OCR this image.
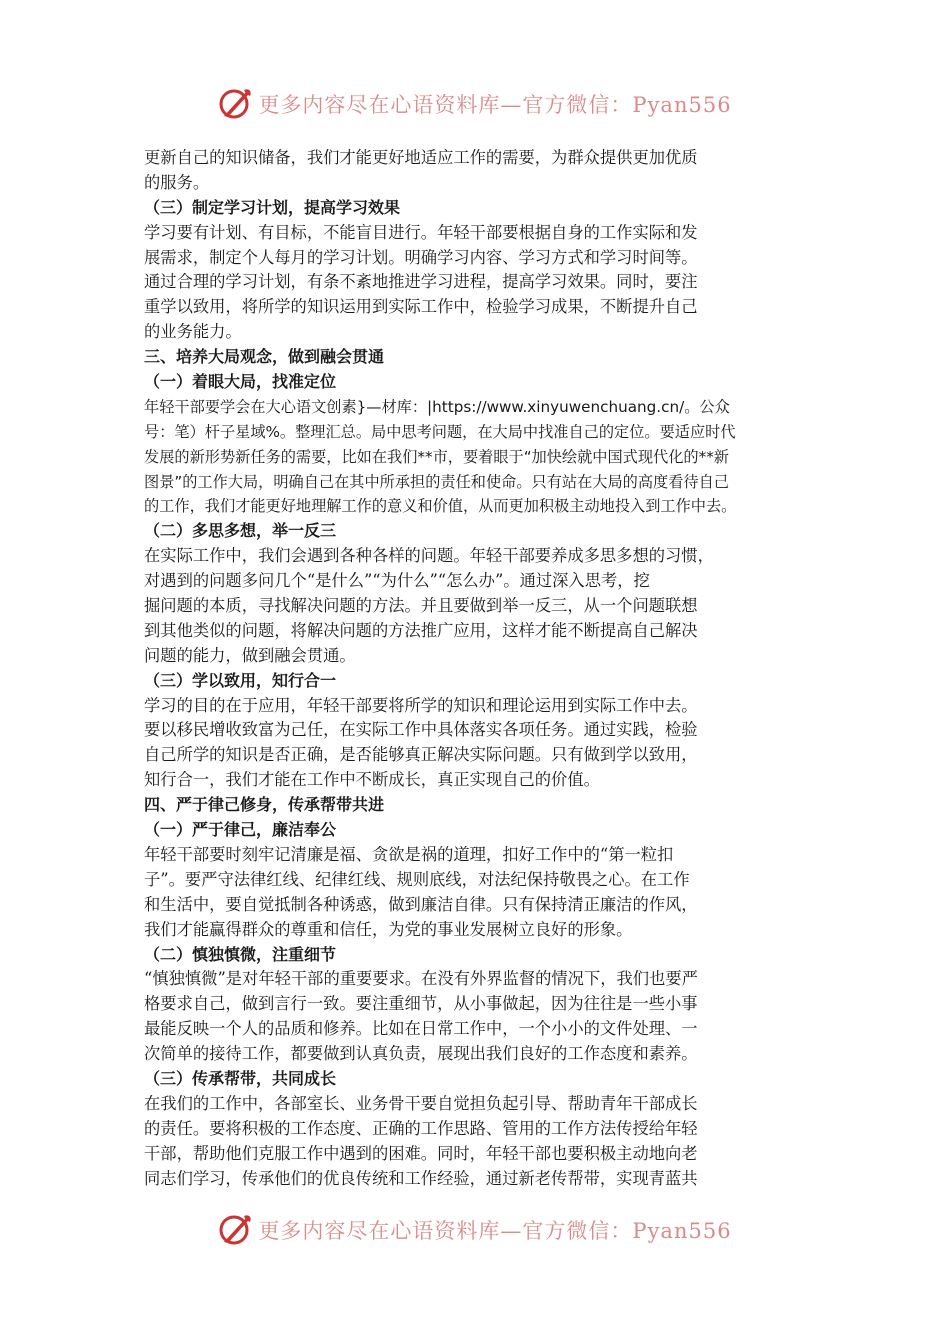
更多内容尽在心语资料库—官方微信：Pyan556
更新自己的知识储备，我们才能更好地适应工作的需要，为群众提供更加优质
的服务。
（三）制定学习计划，提高学习效果
学习要有计划、有目标，不能盲目进行。年轻干部要根据自身的工作实际和发
展需求，制定个人每月的学习计划。明确学习内容、学习方式和学习时间等。
通过合理的学习计划，有条不紊地推进学习进程，提高学习效果。同时，要注
重学以致用，将所学的知识运用到实际工作中，检验学习成果，不断提升自己
的业务能力。
三、培养大局观念，做到融会贯通
（一）着眼大局，找准定位
年轻干部要学会在大心语文创素}—材库：|https://www.xinyuwenchuang.cn/。公众
号：笔）杆子星域%。整理汇总。局中思考问题，在大局中找准自己的定位。要适应时代
发展的新形势新任务的需要，比如在我们**市，要着眼于“加快绘就中国式现代化的**新
图景”的工作大局，明确自己在其中所承担的责任和使命。只有站在大局的高度看待自己
的工作，我们才能更好地理解工作的意义和价值，从而更加积极主动地投入到工作中去。
（二）多思多想，举一反三
在实际工作中，我们会遇到各种各样的问题。年轻干部要养成多思多想的习惯，
对遇到的问题多问几个“是什么”“为什么”“怎么办”。通过深入思考，挖
掘问题的本质，寻找解决问题的方法。并且要做到举一反三，从一个问题联想
到其他类似的问题，将解决问题的方法推广应用，这样才能不断提高自己解决
问题的能力，做到融会贯通。
（三）学以致用，知行合一
学习的目的在于应用，年轻干部要将所学的知识和理论运用到实际工作中去。
要以移民增收致富为己任，在实际工作中具体落实各项任务。通过实践，检验
自己所学的知识是否正确，是否能够真正解决实际问题。只有做到学以致用，
知行合一，我们才能在工作中不断成长，真正实现自己的价值。
四、严于律己修身，传承帮带共进
（一）严于律己，廉洁奉公
年轻干部要时刻牢记清廉是福、贪欲是祸的道理，扣好工作中的“第一粒扣
子”。要严守法律红线、纪律红线、规则底线，对法纪保持敬畏之心。在工作
和生活中，要自觉抵制各种诱惑，做到廉洁自律。只有保持清正廉洁的作风，
我们才能赢得群众的尊重和信任，为党的事业发展树立良好的形象。
（二）慎独慎微，注重细节
“慎独慎微”是对年轻干部的重要要求。在没有外界监督的情况下，我们也要严
格要求自己，做到言行一致。要注重细节，从小事做起，因为往往是一些小事
最能反映一个人的品质和修养。比如在日常工作中，一个小小的文件处理、一
次简单的接待工作，都要做到认真负责，展现出我们良好的工作态度和素养。
（三）传承帮带，共同成长
在我们的工作中，各部室长、业务骨干要自觉担负起引导、帮助青年干部成长
的责任。要将积极的工作态度、正确的工作思路、管用的工作方法传授给年轻
干部，帮助他们克服工作中遇到的困难。同时，年轻干部也要积极主动地向老
同志们学习，传承他们的优良传统和工作经验，通过新老传帮带，实现青蓝共
更多内容尽在心语资料库—官方微信：Pyan556
